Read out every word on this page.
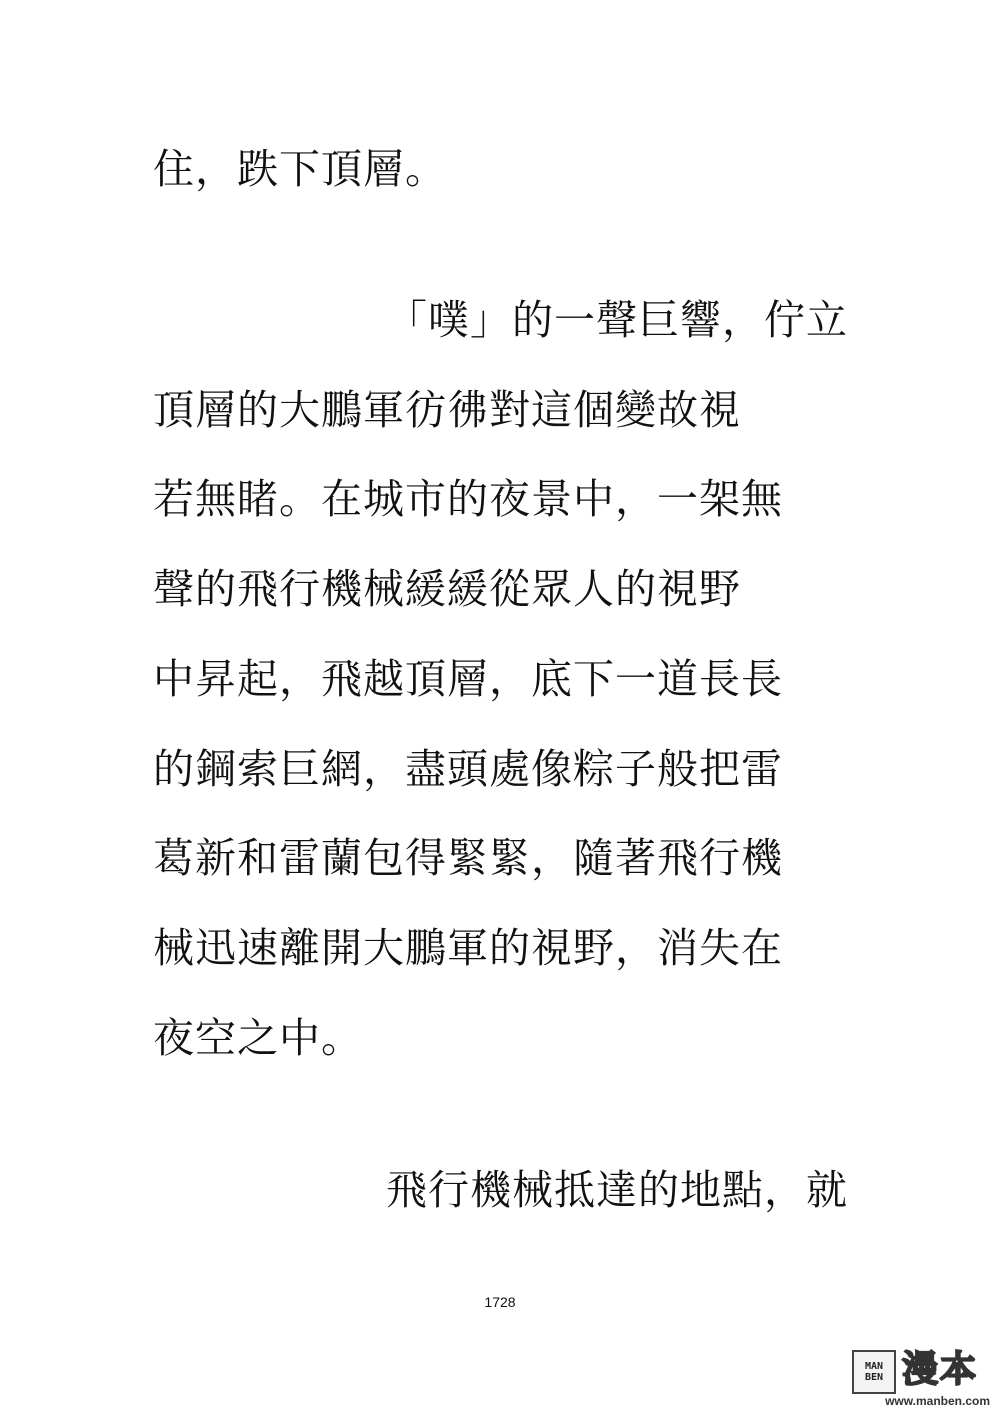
住，跌下頂層。
「噗」的一聲巨響，佇立
頂層的大鵬軍彷彿對這個變故視
若無睹。在城市的夜景中，一架無
聲的飛行機械緩緩從眾人的視野
中昇起，飛越頂層，底下一道長長
的鋼索巨網，盡頭處像粽子般把雷
葛新和雷蘭包得緊緊，隨著飛行機
械迅速離開大鵬軍的視野，消失在
夜空之中。
飛行機械抵達的地點，就
1728
MAN
BEN 漫本
www.manben.com
